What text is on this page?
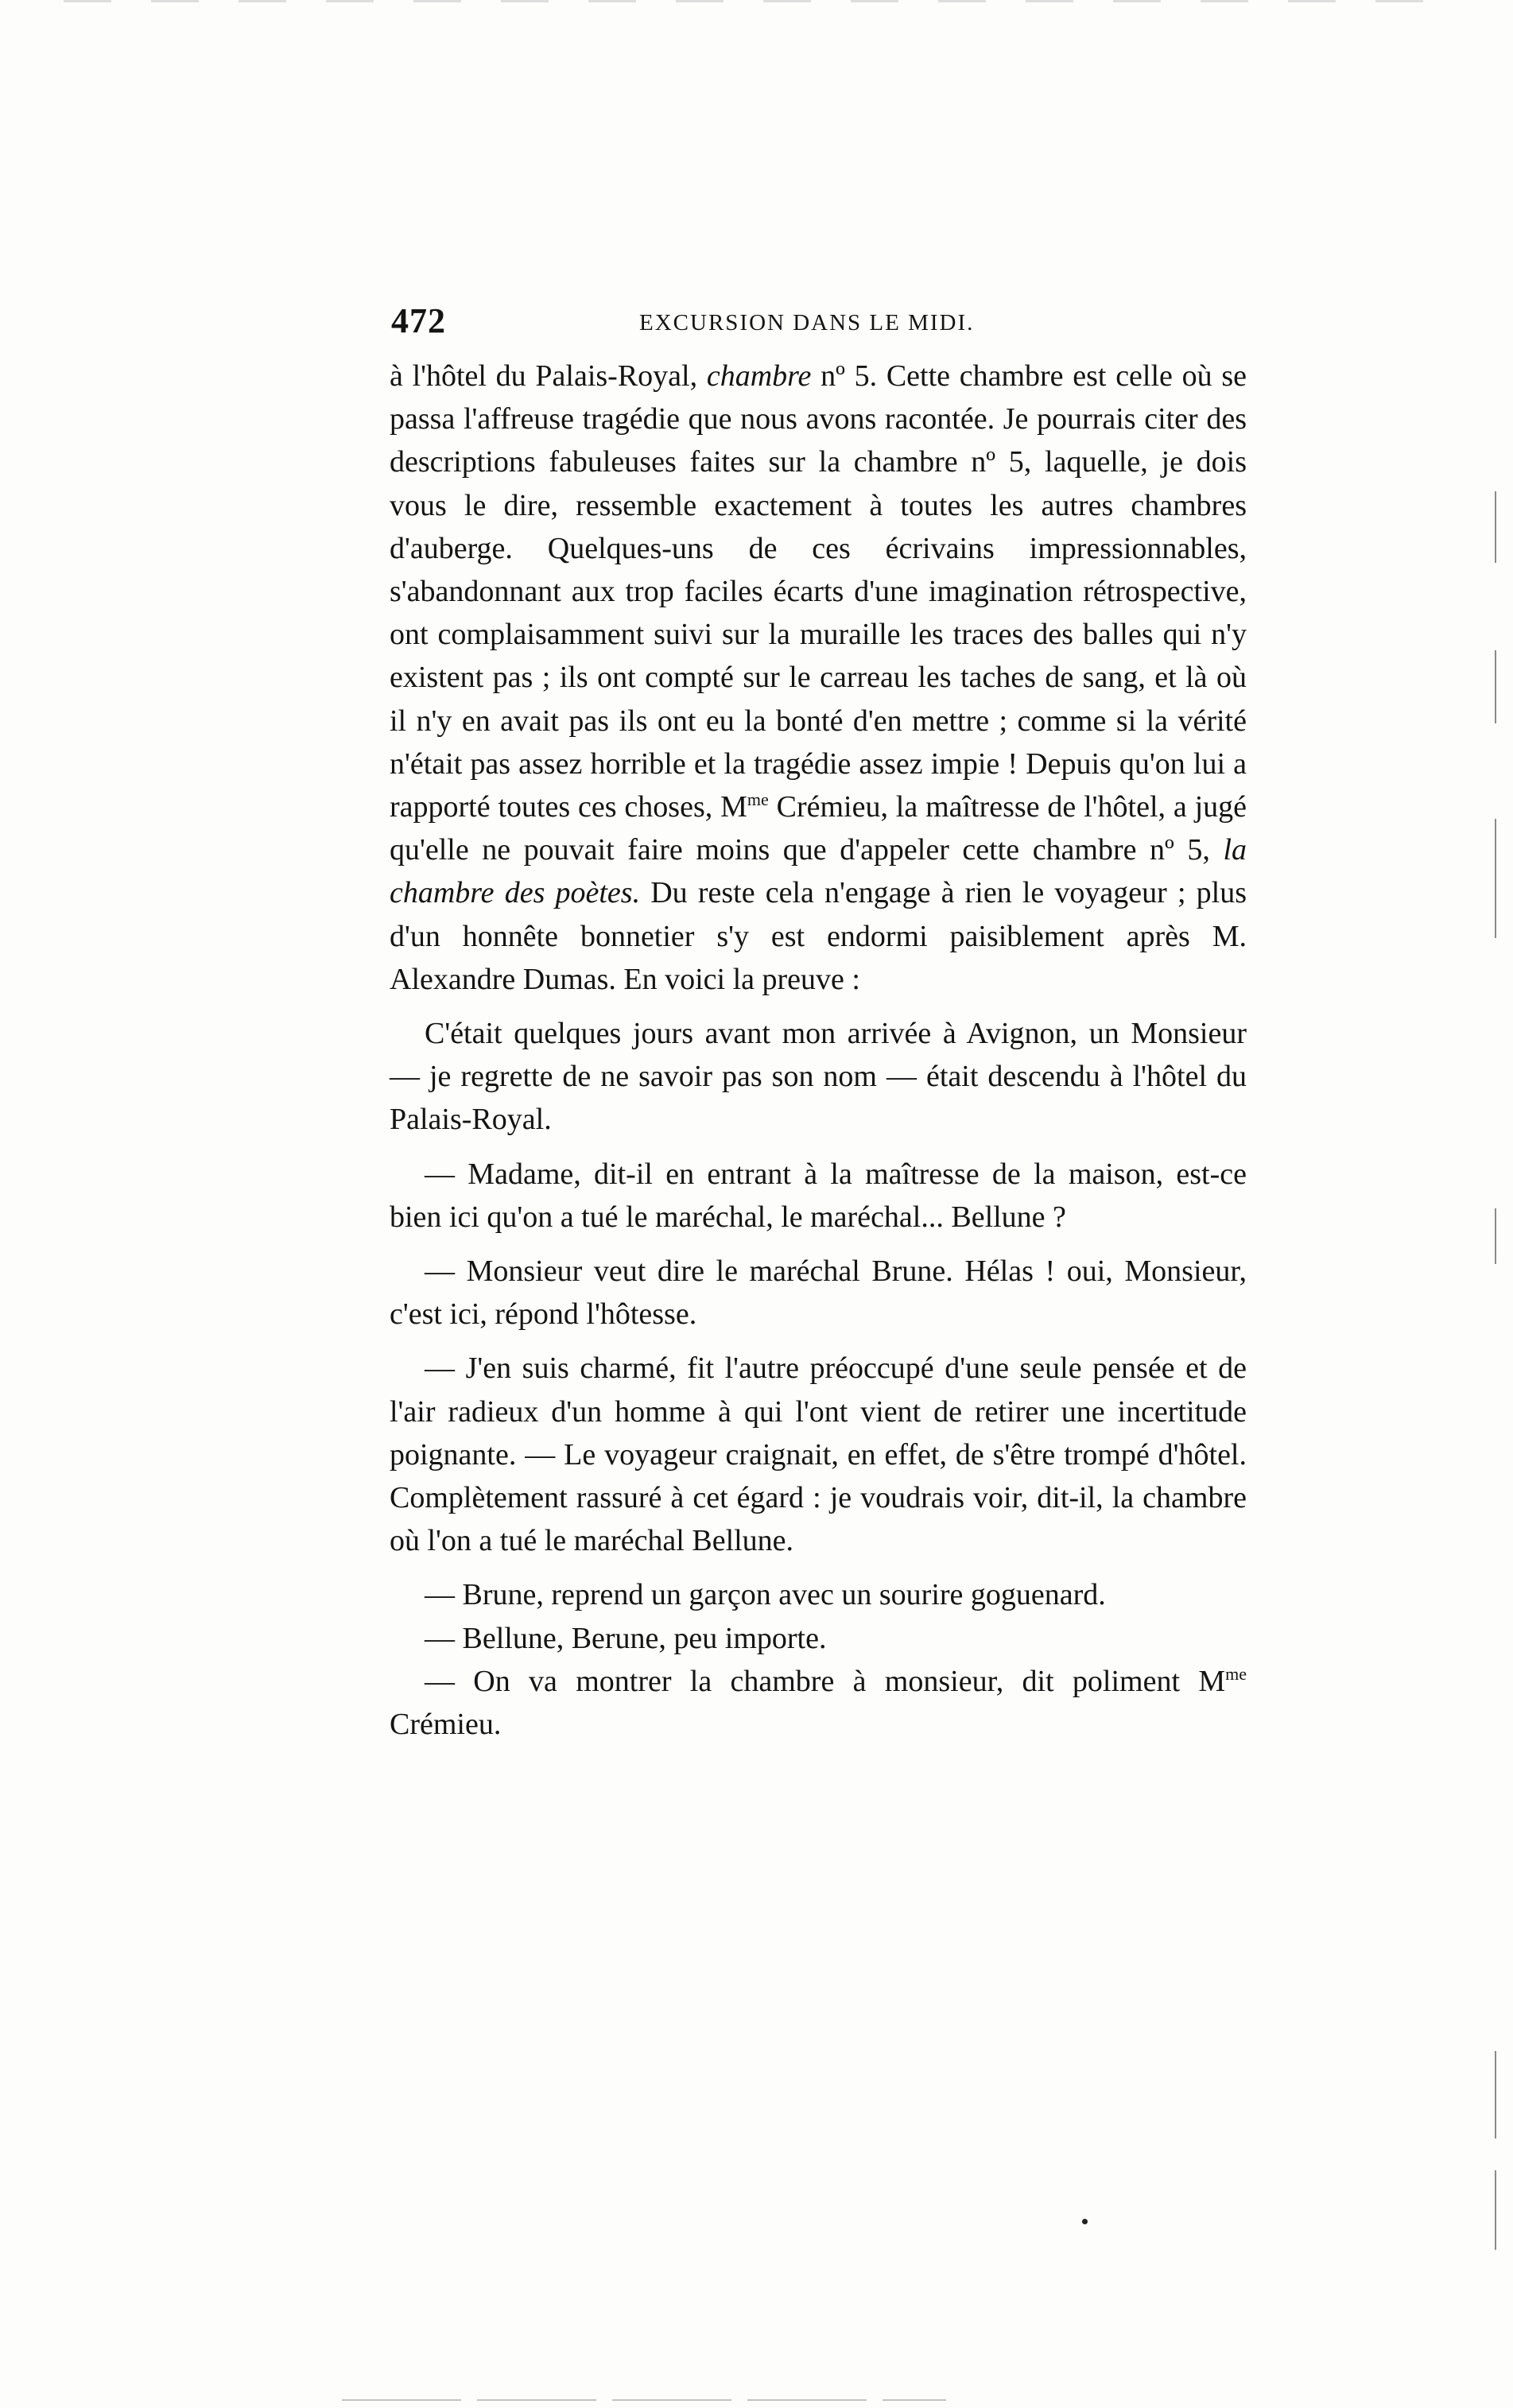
472	EXCURSION DANS LE MIDI.

à l'hôtel du Palais-Royal, chambre nº 5. Cette chambre est celle où se passa l'affreuse tragédie que nous avons racontée. Je pourrais citer des descriptions fabuleuses faites sur la chambre nº 5, laquelle, je dois vous le dire, ressemble exactement à toutes les autres chambres d'auberge. Quelques-uns de ces écrivains impressionnables, s'abandonnant aux trop faciles écarts d'une imagination rétrospective, ont complaisamment suivi sur la muraille les traces des balles qui n'y existent pas ; ils ont compté sur le carreau les taches de sang, et là où il n'y en avait pas ils ont eu la bonté d'en mettre ; comme si la vérité n'était pas assez horrible et la tragédie assez impie ! Depuis qu'on lui a rapporté toutes ces choses, $M^{me}$ Crémieu, la maîtresse de l'hôtel, a jugé qu'elle ne pouvait faire moins que d'appeler cette chambre nº 5, la chambre des poètes. Du reste cela n'engage à rien le voyageur ; plus d'un honnête bonnetier s'y est endormi paisiblement après M. Alexandre Dumas. En voici la preuve :

C'était quelques jours avant mon arrivée à Avignon, un Monsieur — je regrette de ne savoir pas son nom — était descendu à l'hôtel du Palais-Royal.

— Madame, dit-il en entrant à la maîtresse de la maison, est-ce bien ici qu'on a tué le maréchal, le maréchal... Bellune ?

— Monsieur veut dire le maréchal Brune. Hélas ! oui, Monsieur, c'est ici, répond l'hôtesse.

— J'en suis charmé, fit l'autre préoccupé d'une seule pensée et de l'air radieux d'un homme à qui l'ont vient de retirer une incertitude poignante. — Le voyageur craignait, en effet, de s'être trompé d'hôtel. Complètement rassuré à cet égard : je voudrais voir, dit-il, la chambre où l'on a tué le maréchal Bellune.

— Brune, reprend un garçon avec un sourire goguenard.

— Bellune, Berune, peu importe.

— On va montrer la chambre à monsieur, dit poliment $M^{me}$ Crémieu.
